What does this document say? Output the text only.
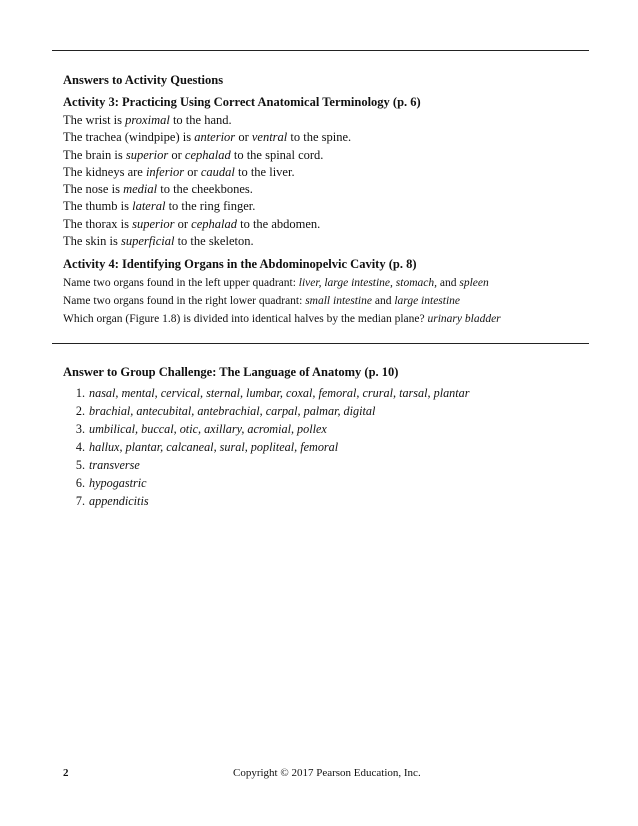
Answers to Activity Questions
Activity 3: Practicing Using Correct Anatomical Terminology (p. 6)
The wrist is proximal to the hand.
The trachea (windpipe) is anterior or ventral to the spine.
The brain is superior or cephalad to the spinal cord.
The kidneys are inferior or caudal to the liver.
The nose is medial to the cheekbones.
The thumb is lateral to the ring finger.
The thorax is superior or cephalad to the abdomen.
The skin is superficial to the skeleton.
Activity 4: Identifying Organs in the Abdominopelvic Cavity (p. 8)
Name two organs found in the left upper quadrant: liver, large intestine, stomach, and spleen
Name two organs found in the right lower quadrant: small intestine and large intestine
Which organ (Figure 1.8) is divided into identical halves by the median plane? urinary bladder
Answer to Group Challenge: The Language of Anatomy (p. 10)
1. nasal, mental, cervical, sternal, lumbar, coxal, femoral, crural, tarsal, plantar
2. brachial, antecubital, antebrachial, carpal, palmar, digital
3. umbilical, buccal, otic, axillary, acromial, pollex
4. hallux, plantar, calcaneal, sural, popliteal, femoral
5. transverse
6. hypogastric
7. appendicitis
2	Copyright © 2017 Pearson Education, Inc.
